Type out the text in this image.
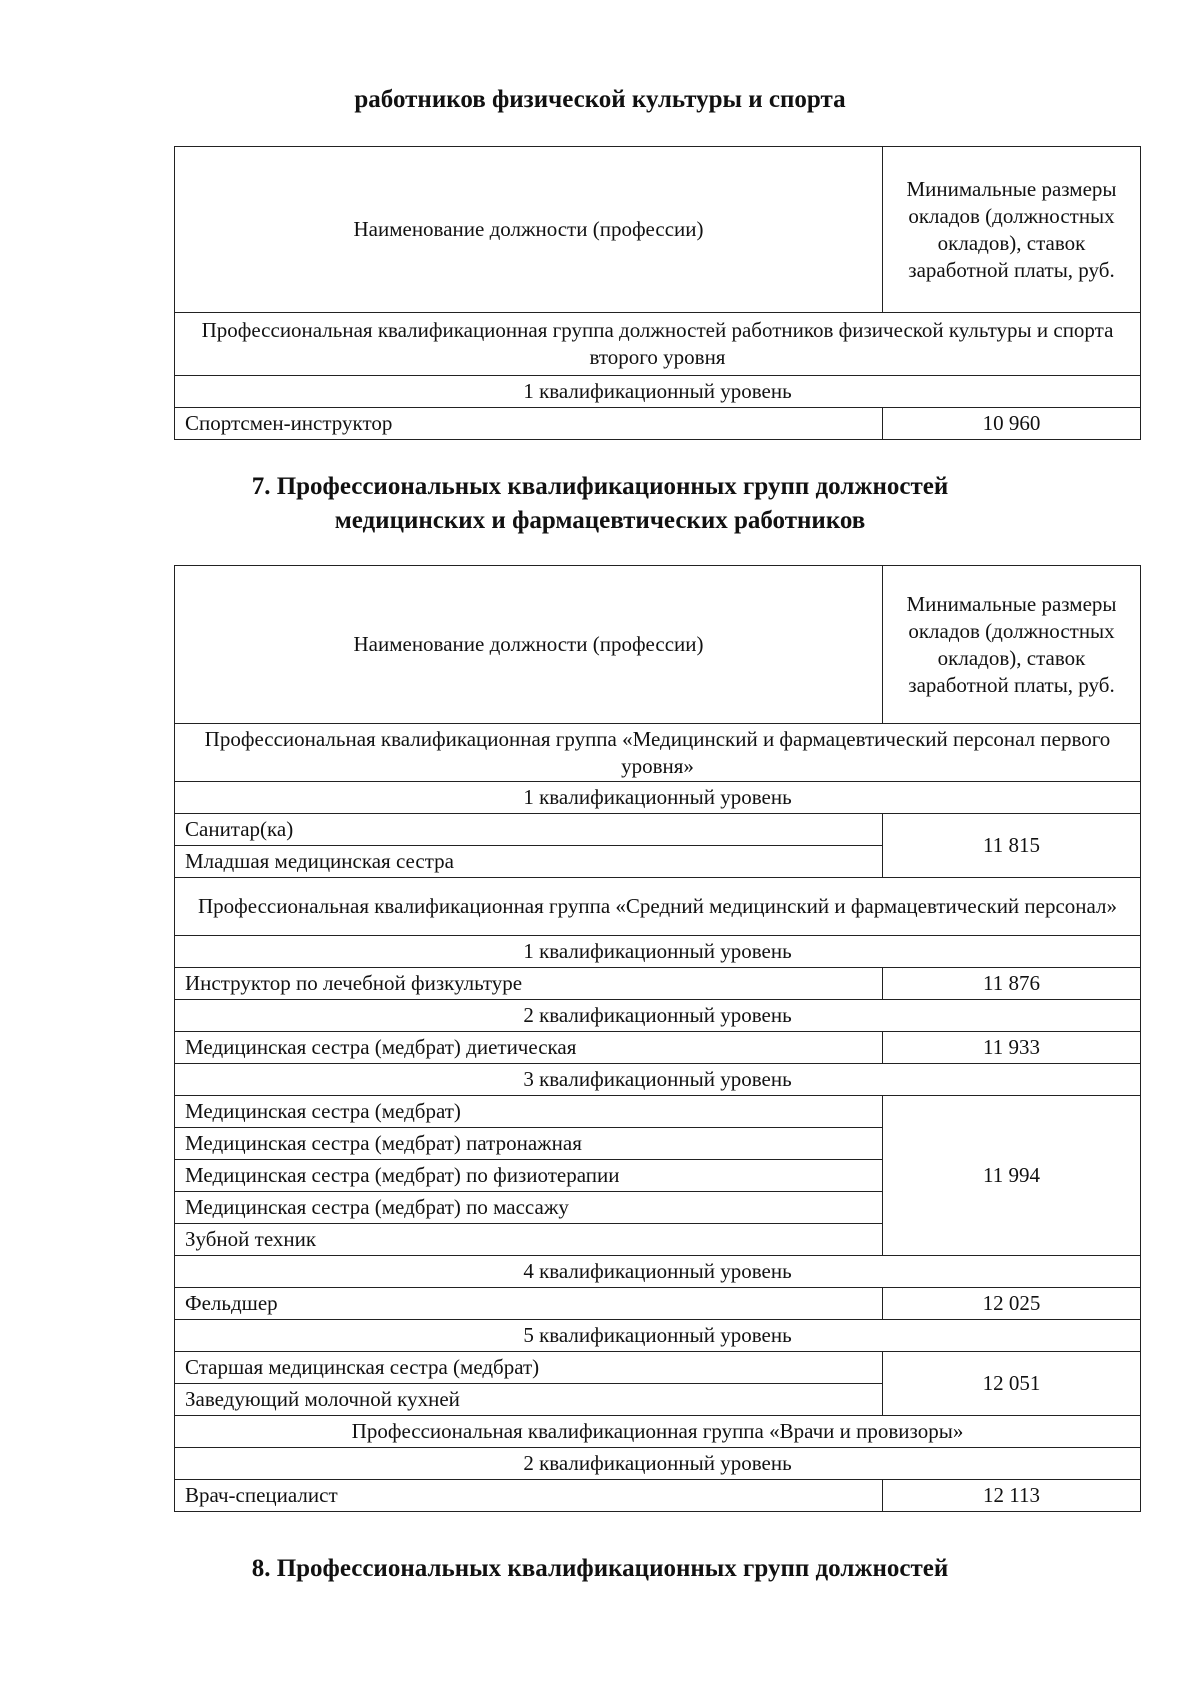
работников физической культуры и спорта
Наименование должности (профессии)	Минимальные размеры окладов (должностных окладов), ставок заработной платы, руб.
Профессиональная квалификационная группа должностей работников физической культуры и спорта второго уровня	
1 квалификационный уровень	
Спортсмен-инструктор	10 960
7. Профессиональных квалификационных групп должностей
медицинских и фармацевтических работников
Наименование должности (профессии)	Минимальные размеры окладов (должностных окладов), ставок заработной платы, руб.
Профессиональная квалификационная группа «Медицинский и фармацевтический персонал первого уровня»	
1 квалификационный уровень	
Санитар(ка)	11 815
Младшая медицинская сестра	
Профессиональная квалификационная группа «Средний медицинский и фармацевтический персонал»	
1 квалификационный уровень	
Инструктор по лечебной физкультуре	11 876
2 квалификационный уровень	
Медицинская сестра (медбрат) диетическая	11 933
3 квалификационный уровень	
Медицинская сестра (медбрат)	11 994
Медицинская сестра (медбрат) патронажная	
Медицинская сестра (медбрат) по физиотерапии	
Медицинская сестра (медбрат) по массажу	
Зубной техник	
4 квалификационный уровень	
Фельдшер	12 025
5 квалификационный уровень	
Старшая медицинская сестра (медбрат)	12 051
Заведующий молочной кухней	
Профессиональная квалификационная группа «Врачи и провизоры»	
2 квалификационный уровень	
Врач-специалист	12 113
8. Профессиональных квалификационных групп должностей
